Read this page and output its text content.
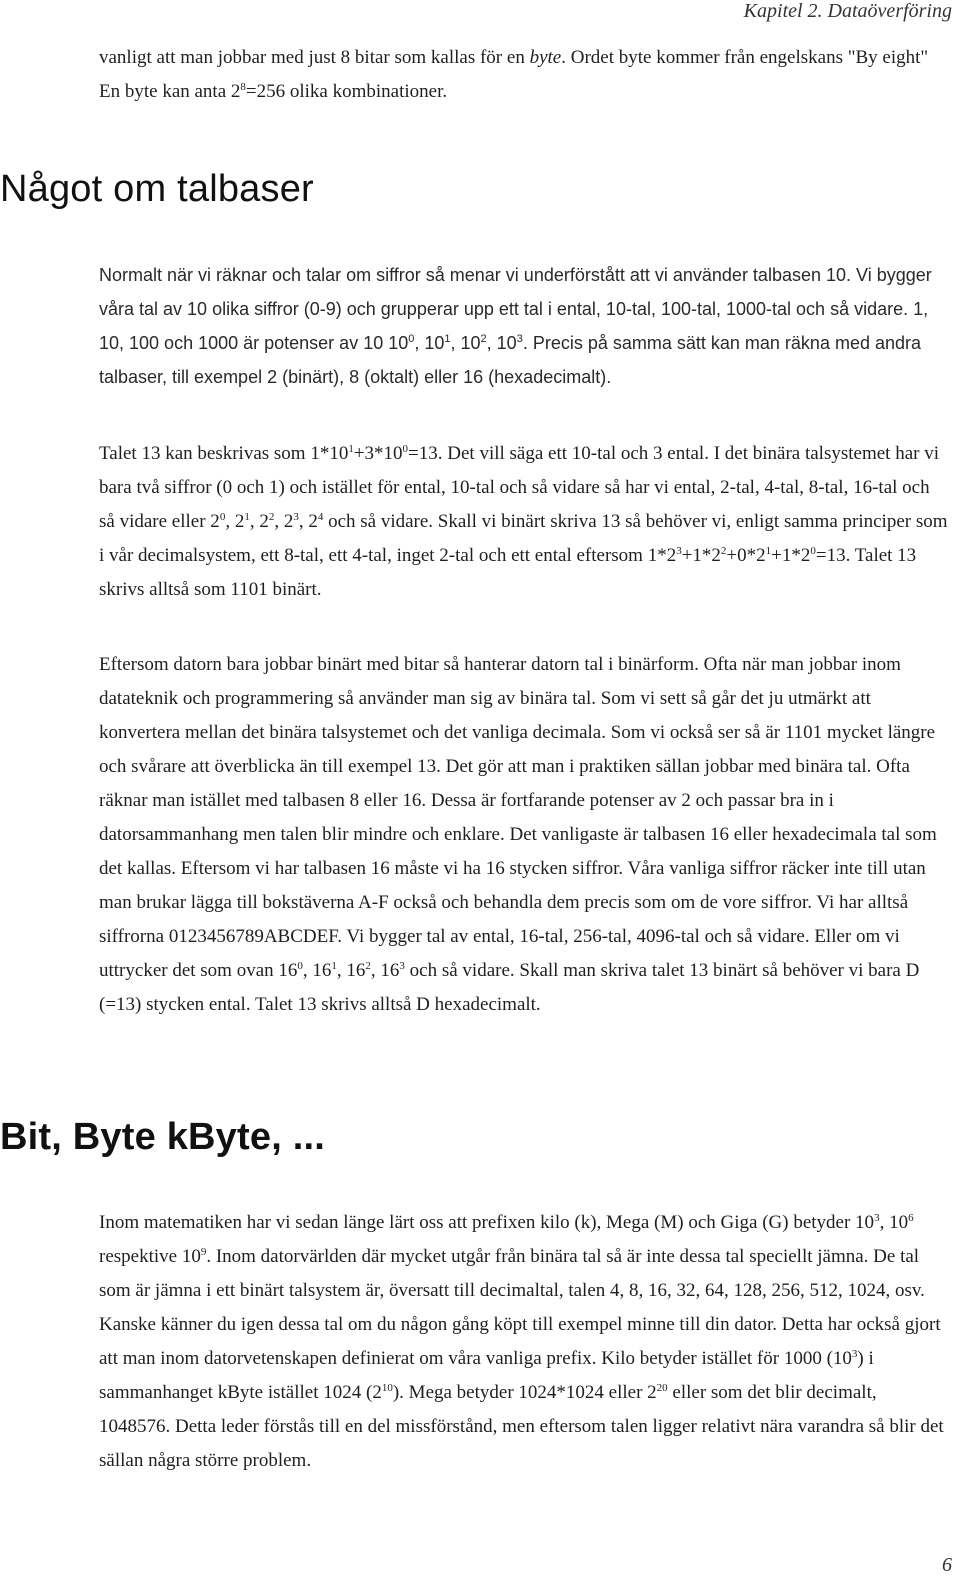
Kapitel 2. Dataöverföring
vanligt att man jobbar med just 8 bitar som kallas för en byte. Ordet byte kommer från engelskans "By eight" En byte kan anta $2^8=256$ olika kombinationer.
Något om talbaser
Normalt när vi räknar och talar om siffror så menar vi underförstått att vi använder talbasen 10. Vi bygger våra tal av 10 olika siffror (0-9) och grupperar upp ett tal i ental, 10-tal, 100-tal, 1000-tal och så vidare. 1, 10, 100 och 1000 är potenser av 10 $10^0$, $10^1$, $10^2$, $10^3$. Precis på samma sätt kan man räkna med andra talbaser, till exempel 2 (binärt), 8 (oktalt) eller 16 (hexadecimalt).
Talet 13 kan beskrivas som $1*10^1+3*10^0=13$. Det vill säga ett 10-tal och 3 ental. I det binära talsystemet har vi bara två siffror (0 och 1) och istället för ental, 10-tal och så vidare så har vi ental, 2-tal, 4-tal, 8-tal, 16-tal och så vidare eller $2^0$, $2^1$, $2^2$, $2^3$, $2^4$ och så vidare. Skall vi binärt skriva 13 så behöver vi, enligt samma principer som i vår decimalsystem, ett 8-tal, ett 4-tal, inget 2-tal och ett ental eftersom $1*2^3+1*2^2+0*2^1+1*2^0=13$. Talet 13 skrivs alltså som 1101 binärt.
Eftersom datorn bara jobbar binärt med bitar så hanterar datorn tal i binärform. Ofta när man jobbar inom datateknik och programmering så använder man sig av binära tal. Som vi sett så går det ju utmärkt att konvertera mellan det binära talsystemet och det vanliga decimala. Som vi också ser så är 1101 mycket längre och svårare att överblicka än till exempel 13. Det gör att man i praktiken sällan jobbar med binära tal. Ofta räknar man istället med talbasen 8 eller 16. Dessa är fortfarande potenser av 2 och passar bra in i datorsammanhang men talen blir mindre och enklare. Det vanligaste är talbasen 16 eller hexadecimala tal som det kallas. Eftersom vi har talbasen 16 måste vi ha 16 stycken siffror. Våra vanliga siffror räcker inte till utan man brukar lägga till bokstäverna A-F också och behandla dem precis som om de vore siffror. Vi har alltså siffrorna 0123456789ABCDEF. Vi bygger tal av ental, 16-tal, 256-tal, 4096-tal och så vidare. Eller om vi uttrycker det som ovan $16^0$, $16^1$, $16^2$, $16^3$ och så vidare. Skall man skriva talet 13 binärt så behöver vi bara D (=13) stycken ental. Talet 13 skrivs alltså D hexadecimalt.
Bit, Byte kByte, ...
Inom matematiken har vi sedan länge lärt oss att prefixen kilo (k), Mega (M) och Giga (G) betyder $10^3$, $10^6$ respektive $10^9$. Inom datorvärlden där mycket utgår från binära tal så är inte dessa tal speciellt jämna. De tal som är jämna i ett binärt talsystem är, översatt till decimaltal, talen 4, 8, 16, 32, 64, 128, 256, 512, 1024, osv. Kanske känner du igen dessa tal om du någon gång köpt till exempel minne till din dator. Detta har också gjort att man inom datorvetenskapen definierat om våra vanliga prefix. Kilo betyder istället för 1000 $(10^3)$ i sammanhanget kByte istället 1024 $(2^{10})$. Mega betyder 1024*1024 eller $2^{20}$ eller som det blir decimalt, 1048576. Detta leder förstås till en del missförstånd, men eftersom talen ligger relativt nära varandra så blir det sällan några större problem.
6
